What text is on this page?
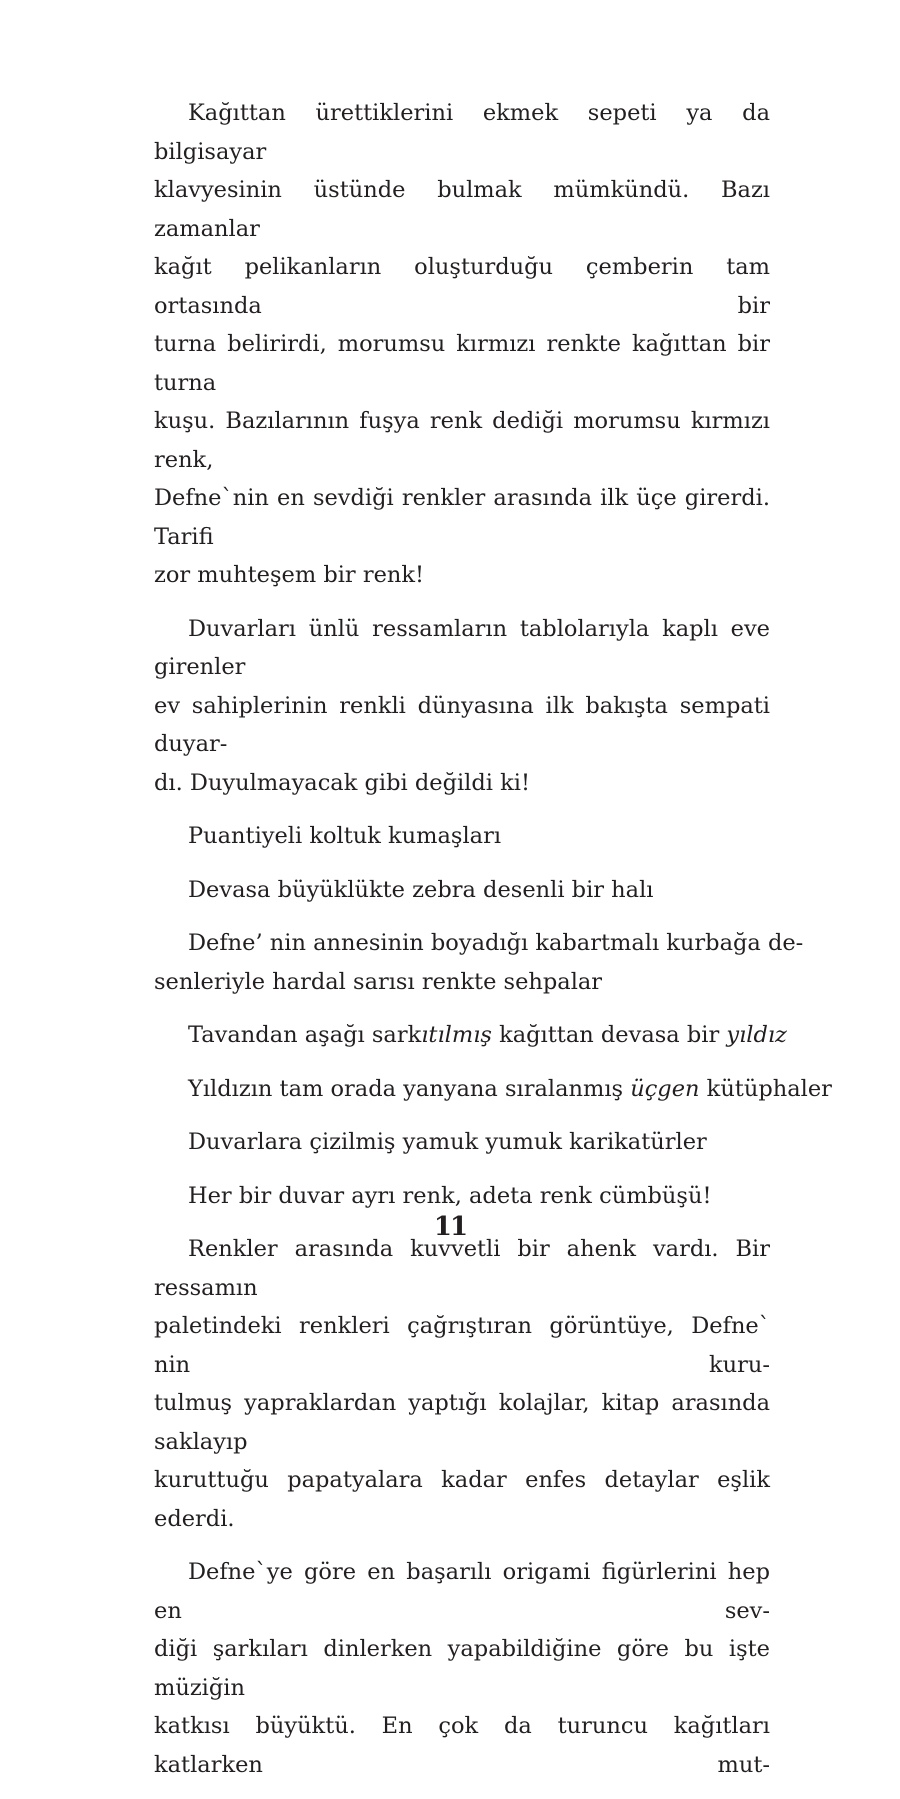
Kağıttan ürettiklerini ekmek sepeti ya da bilgisayar
klavyesinin üstünde bulmak mümkündü. Bazı zamanlar
kağıt pelikanların oluşturduğu çemberin tam ortasında bir
turna belirirdi, morumsu kırmızı renkte kağıttan bir turna
kuşu. Bazılarının fuşya renk dediği morumsu kırmızı renk,
Defne`nin en sevdiği renkler arasında ilk üçe girerdi. Tarifi
zor muhteşem bir renk!
Duvarları ünlü ressamların tablolarıyla kaplı eve girenler
ev sahiplerinin renkli dünyasına ilk bakışta sempati duyar-
dı. Duyulmayacak gibi değildi ki!
Puantiyeli koltuk kumaşları
Devasa büyüklükte zebra desenli bir halı
Defne’ nin annesinin boyadığı kabartmalı kurbağa de-
senleriyle hardal sarısı renkte sehpalar
Tavandan aşağı sarkıtılmış kağıttan devasa bir yıldız
Yıldızın tam orada yanyana sıralanmış üçgen kütüphaler
Duvarlara çizilmiş yamuk yumuk karikatürler
Her bir duvar ayrı renk, adeta renk cümbüşü!
Renkler arasında kuvvetli bir ahenk vardı. Bir ressamın
paletindeki renkleri çağrıştıran görüntüye, Defne` nin kuru-
tulmuş yapraklardan yaptığı kolajlar, kitap arasında saklayıp
kuruttuğu papatyalara kadar enfes detaylar eşlik ederdi.
Defne`ye göre en başarılı origami figürlerini hep en sev-
diği şarkıları dinlerken yapabildiğine göre bu işte müziğin
katkısı büyüktü. En çok da turuncu kağıtları katlarken mut-
11
